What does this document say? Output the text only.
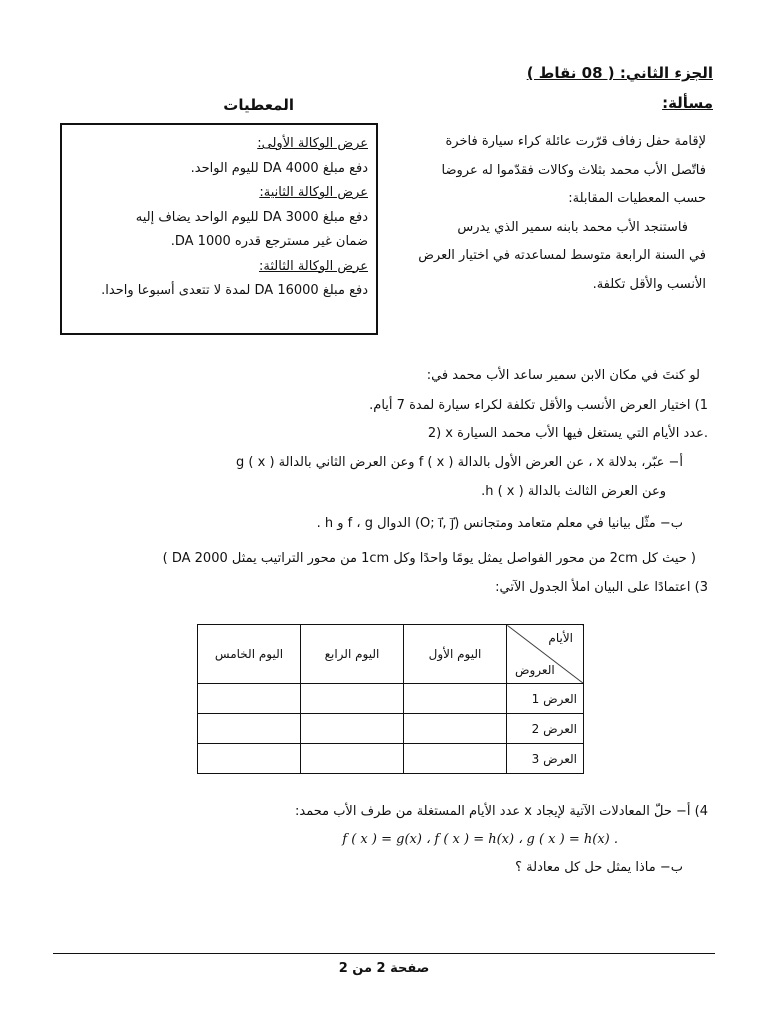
الجزء الثاني: ( 08 نقاط )
مسألة:
المعطيات
عرض الوكالة الأولى:
دفع مبلغ 4000 DA لليوم الواحد.
عرض الوكالة الثانية:
دفع مبلغ 3000 DA لليوم الواحد يضاف إليه
ضمان غير مسترجع قدره 1000 DA.
عرض الوكالة الثالثة:
دفع مبلغ 16000 DA لمدة لا تتعدى أسبوعا واحدا.

لإقامة حفل زفاف قرّرت عائلة كراء سيارة فاخرة

فاتّصل الأب محمد بثلاث وكالات فقدّموا له عروضا

حسب المعطيات المقابلة:

فاستنجد الأب محمد بابنه سمير الذي يدرس

في السنة الرابعة متوسط لمساعدته في اختيار العرض

الأنسب والأقل تكلفة.

لو كنتَ في مكان الابن سمير ساعد الأب محمد في:
1) اختيار العرض الأنسب والأقل تكلفة لكراء سيارة لمدة 7 أيام.
2) x عدد الأيام التي يستغل فيها الأب محمد السيارة.
أ− عبّر، بدلالة x ، عن العرض الأول بالدالة f ( x ) وعن العرض الثاني بالدالة g ( x )
وعن العرض الثالث بالدالة h ( x ).
ب− مثّل بيانيا في معلم متعامد ومتجانس (O; i⃗, j⃗) الدوال f ، g و h .
( حيث كل 2cm من محور الفواصل يمثل يومًا واحدًا وكل 1cm من محور التراتيب يمثل 2000 DA )
3) اعتمادًا على البيان املأ الجدول الآتي:
الأيام
العروض	اليوم الأول	اليوم الرابع	اليوم الخامس
العرض 1			
العرض 2			
العرض 3			
4) أ− حلّ المعادلات الآتية لإيجاد x عدد الأيام المستغلة من طرف الأب محمد:
f ( x ) = g(x) ، f ( x ) = h(x) ، g ( x ) = h(x) .
ب− ماذا يمثل حل كل معادلة ؟
صفحة 2 من 2
